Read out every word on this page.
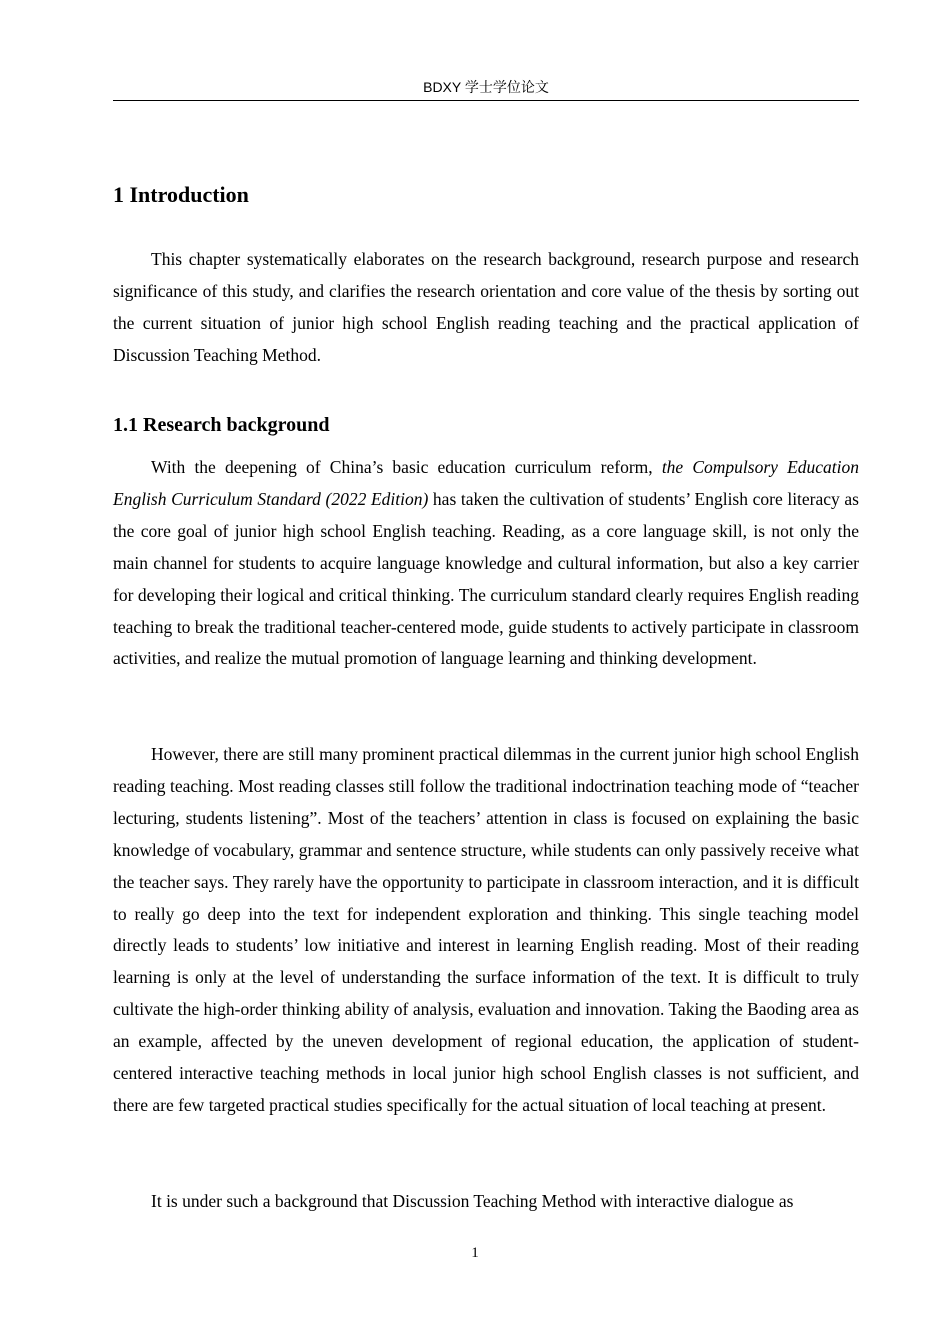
BDXY 学士学位论文
1 Introduction

This chapter systematically elaborates on the research background, research purpose and research significance of this study, and clarifies the research orientation and core value of the thesis by sorting out the current situation of junior high school English reading teaching and the practical application of Discussion Teaching Method.

1.1 Research background

With the deepening of China’s basic education curriculum reform, the Compulsory Education English Curriculum Standard (2022 Edition) has taken the cultivation of students’ English core literacy as the core goal of junior high school English teaching. Reading, as a core language skill, is not only the main channel for students to acquire language knowledge and cultural information, but also a key carrier for developing their logical and critical thinking. The curriculum standard clearly requires English reading teaching to break the traditional teacher-centered mode, guide students to actively participate in classroom activities, and realize the mutual promotion of language learning and thinking development.

However, there are still many prominent practical dilemmas in the current junior high school English reading teaching. Most reading classes still follow the traditional indoctrination teaching mode of “teacher lecturing, students listening”. Most of the teachers’ attention in class is focused on explaining the basic knowledge of vocabulary, grammar and sentence structure, while students can only passively receive what the teacher says. They rarely have the opportunity to participate in classroom interaction, and it is difficult to really go deep into the text for independent exploration and thinking. This single teaching model directly leads to students’ low initiative and interest in learning English reading. Most of their reading learning is only at the level of understanding the surface information of the text. It is difficult to truly cultivate the high-order thinking ability of analysis, evaluation and innovation. Taking the Baoding area as an example, affected by the uneven development of regional education, the application of student-centered interactive teaching methods in local junior high school English classes is not sufficient, and there are few targeted practical studies specifically for the actual situation of local teaching at present.

It is under such a background that Discussion Teaching Method with interactive dialogue as

1
